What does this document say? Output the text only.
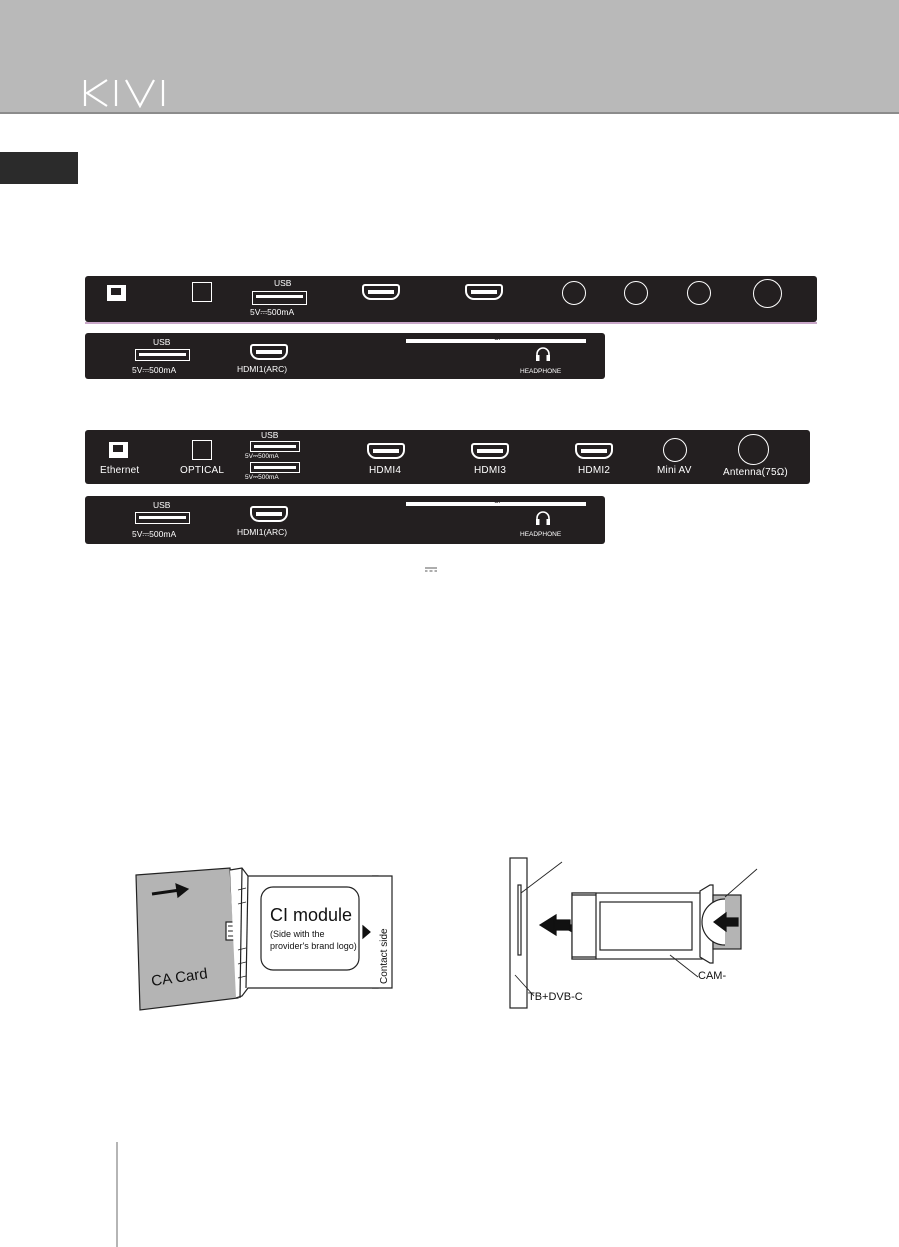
KIVI
USB
5V⎓500mA
USB
5V⎓500mA	HDMI1(ARC)
CI
HEADPHONE
Ethernet	OPTICAL
USB
5V⎓500mA
5V⎓500mA
HDMI4	HDMI3	HDMI2	Mini AV	Antenna(75Ω)
USB
5V⎓500mA	HDMI1(ARC)
CI
HEADPHONE
CA Card
CI module
(Side with the
provider's brand logo) Contact side
TB+DVB-C
CAM-
